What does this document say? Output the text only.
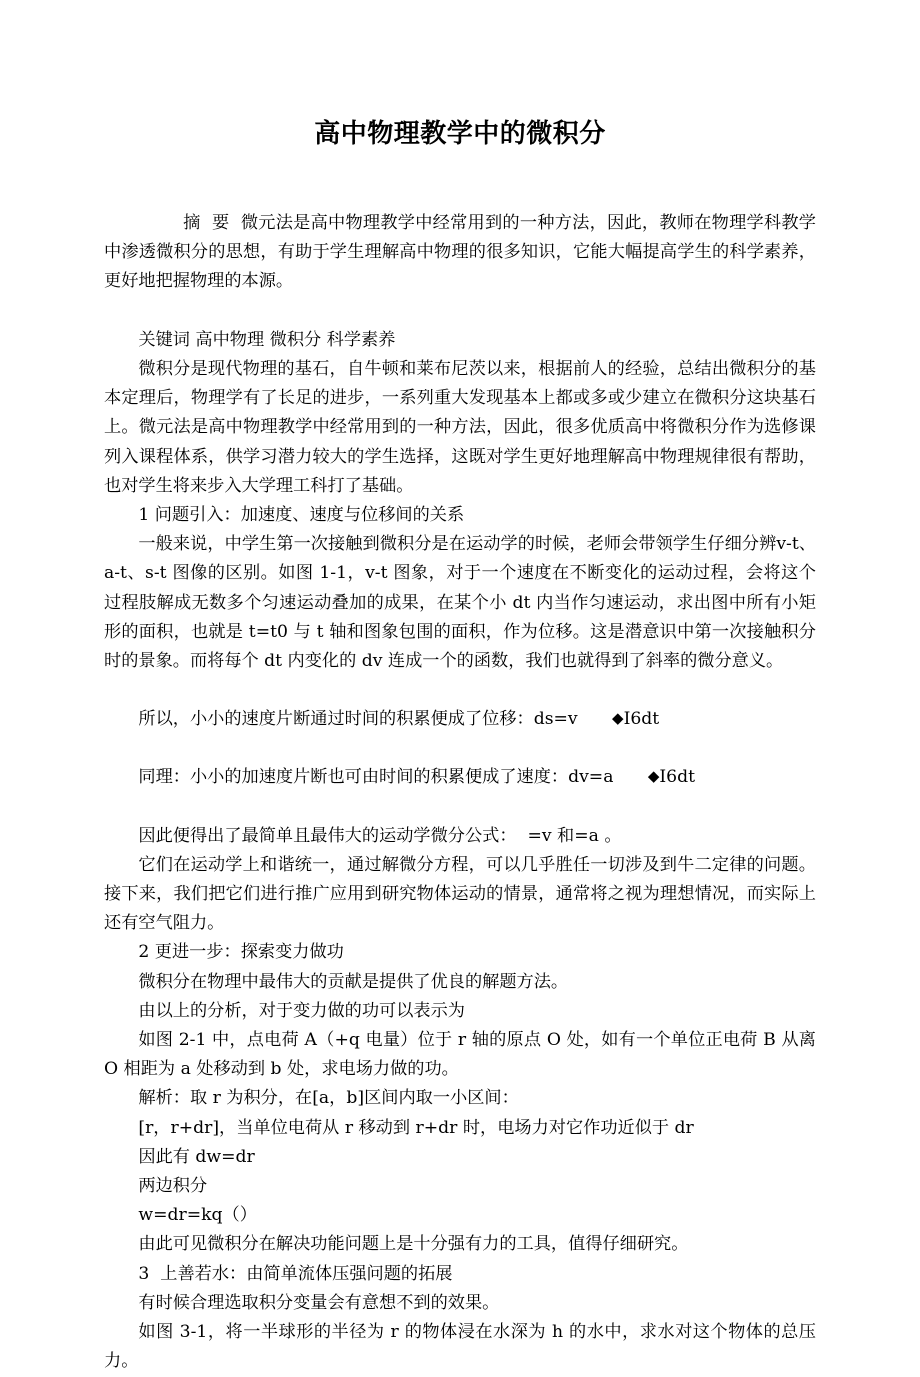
高中物理教学中的微积分

摘  要  微元法是高中物理教学中经常用到的一种方法，因此，教师在物理学科教学中渗透微积分的思想，有助于学生理解高中物理的很多知识，它能大幅提高学生的科学素养，更好地把握物理的本源。

关键词 高中物理 微积分 科学素养

微积分是现代物理的基石，自牛顿和莱布尼茨以来，根据前人的经验，总结出微积分的基本定理后，物理学有了长足的进步，一系列重大发现基本上都或多或少建立在微积分这块基石上。微元法是高中物理教学中经常用到的一种方法，因此，很多优质高中将微积分作为选修课列入课程体系，供学习潜力较大的学生选择，这既对学生更好地理解高中物理规律很有帮助，也对学生将来步入大学理工科打了基础。

1 问题引入：加速度、速度与位移间的关系

一般来说，中学生第一次接触到微积分是在运动学的时候，老师会带领学生仔细分辨v-t、a-t、s-t 图像的区别。如图 1-1，v-t 图象，对于一个速度在不断变化的运动过程，会将这个过程肢解成无数多个匀速运动叠加的成果，在某个小 dt 内当作匀速运动，求出图中所有小矩形的面积，也就是 t=t0 与 t 轴和图象包围的面积，作为位移。这是潜意识中第一次接触积分时的景象。而将每个 dt 内变化的 dv 连成一个的函数，我们也就得到了斜率的微分意义。

所以，小小的速度片断通过时间的积累便成了位移：ds=v ◆I6dt

同理：小小的加速度片断也可由时间的积累便成了速度：dv=a ◆I6dt

因此便得出了最简单且最伟大的运动学微分公式：  =v 和=a 。

它们在运动学上和谐统一，通过解微分方程，可以几乎胜任一切涉及到牛二定律的问题。接下来，我们把它们进行推广应用到研究物体运动的情景，通常将之视为理想情况，而实际上还有空气阻力。

2 更进一步：探索变力做功

微积分在物理中最伟大的贡献是提供了优良的解题方法。

由以上的分析，对于变力做的功可以表示为

如图 2-1 中，点电荷 A（+q 电量）位于 r 轴的原点 O 处，如有一个单位正电荷 B 从离 O 相距为 a 处移动到 b 处，求电场力做的功。

解析：取 r 为积分，在[a，b]区间内取一小区间：

[r，r+dr]，当单位电荷从 r 移动到 r+dr 时，电场力对它作功近似于 dr

因此有 dw=dr

两边积分

w=dr=kq（）

由此可见微积分在解决功能问题上是十分强有力的工具，值得仔细研究。

3  上善若水：由简单流体压强问题的拓展

有时候合理选取积分变量会有意想不到的效果。

如图 3-1，将一半球形的半径为 r 的物体浸在水深为 h 的水中，求水对这个物体的总压力。
